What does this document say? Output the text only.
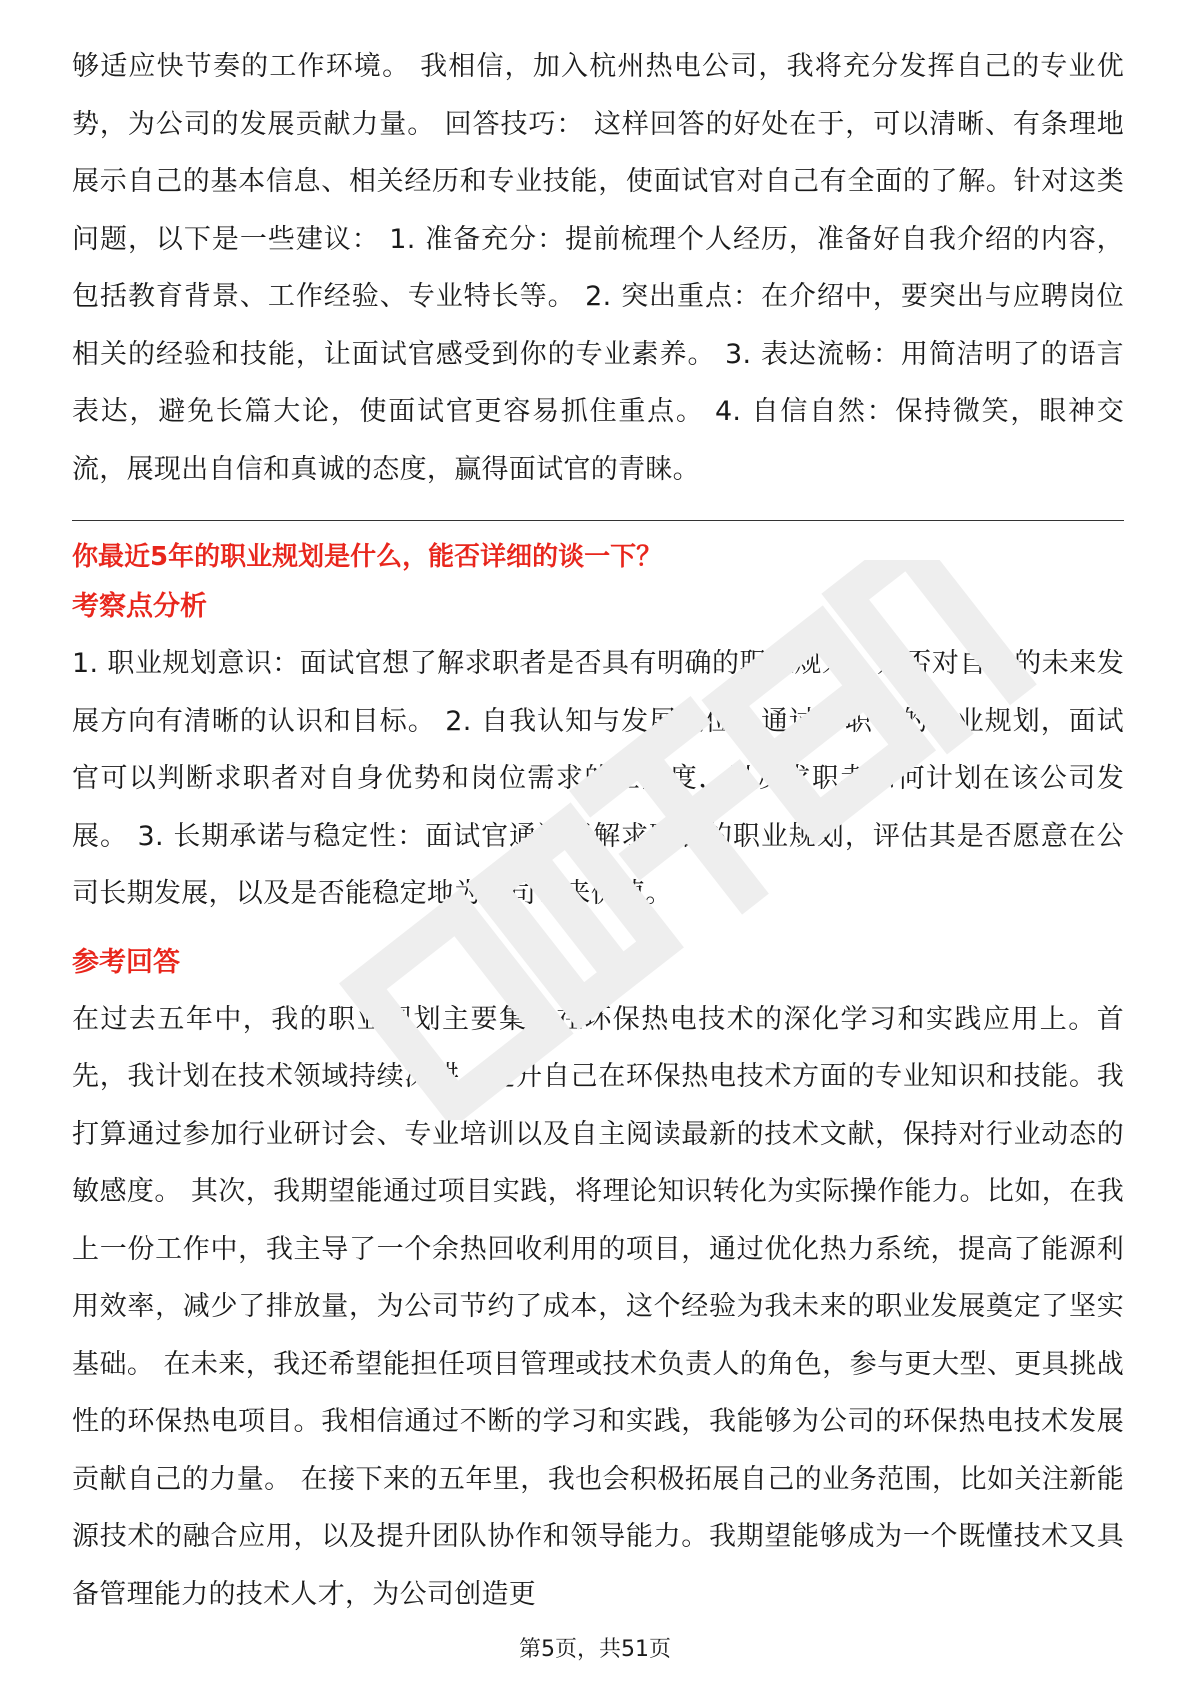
够适应快节奏的工作环境。 我相信，加入杭州热电公司，我将充分发挥自己的专业优势，为公司的发展贡献力量。 回答技巧： 这样回答的好处在于，可以清晰、有条理地展示自己的基本信息、相关经历和专业技能，使面试官对自己有全面的了解。针对这类问题，以下是一些建议： 1. 准备充分：提前梳理个人经历，准备好自我介绍的内容，包括教育背景、工作经验、专业特长等。 2. 突出重点：在介绍中，要突出与应聘岗位相关的经验和技能，让面试官感受到你的专业素养。 3. 表达流畅：用简洁明了的语言表达，避免长篇大论，使面试官更容易抓住重点。 4. 自信自然：保持微笑，眼神交流，展现出自信和真诚的态度，赢得面试官的青睐。

你最近5年的职业规划是什么，能否详细的谈一下？
考察点分析

1. 职业规划意识：面试官想了解求职者是否具有明确的职业规划，是否对自己的未来发展方向有清晰的认识和目标。 2. 自我认知与发展定位：通过求职者的职业规划，面试官可以判断求职者对自身优势和岗位需求的匹配度，以及求职者如何计划在该公司发展。 3. 长期承诺与稳定性：面试官通过了解求职者的职业规划，评估其是否愿意在公司长期发展，以及是否能稳定地为公司带来价值。

参考回答

在过去五年中，我的职业规划主要集中在环保热电技术的深化学习和实践应用上。首先，我计划在技术领域持续深耕，提升自己在环保热电技术方面的专业知识和技能。我打算通过参加行业研讨会、专业培训以及自主阅读最新的技术文献，保持对行业动态的敏感度。 其次，我期望能通过项目实践，将理论知识转化为实际操作能力。比如，在我上一份工作中，我主导了一个余热回收利用的项目，通过优化热力系统，提高了能源利用效率，减少了排放量，为公司节约了成本，这个经验为我未来的职业发展奠定了坚实基础。 在未来，我还希望能担任项目管理或技术负责人的角色，参与更大型、更具挑战性的环保热电项目。我相信通过不断的学习和实践，我能够为公司的环保热电技术发展贡献自己的力量。 在接下来的五年里，我也会积极拓展自己的业务范围，比如关注新能源技术的融合应用，以及提升团队协作和领导能力。我期望能够成为一个既懂技术又具备管理能力的技术人才，为公司创造更

第5页，共51页
